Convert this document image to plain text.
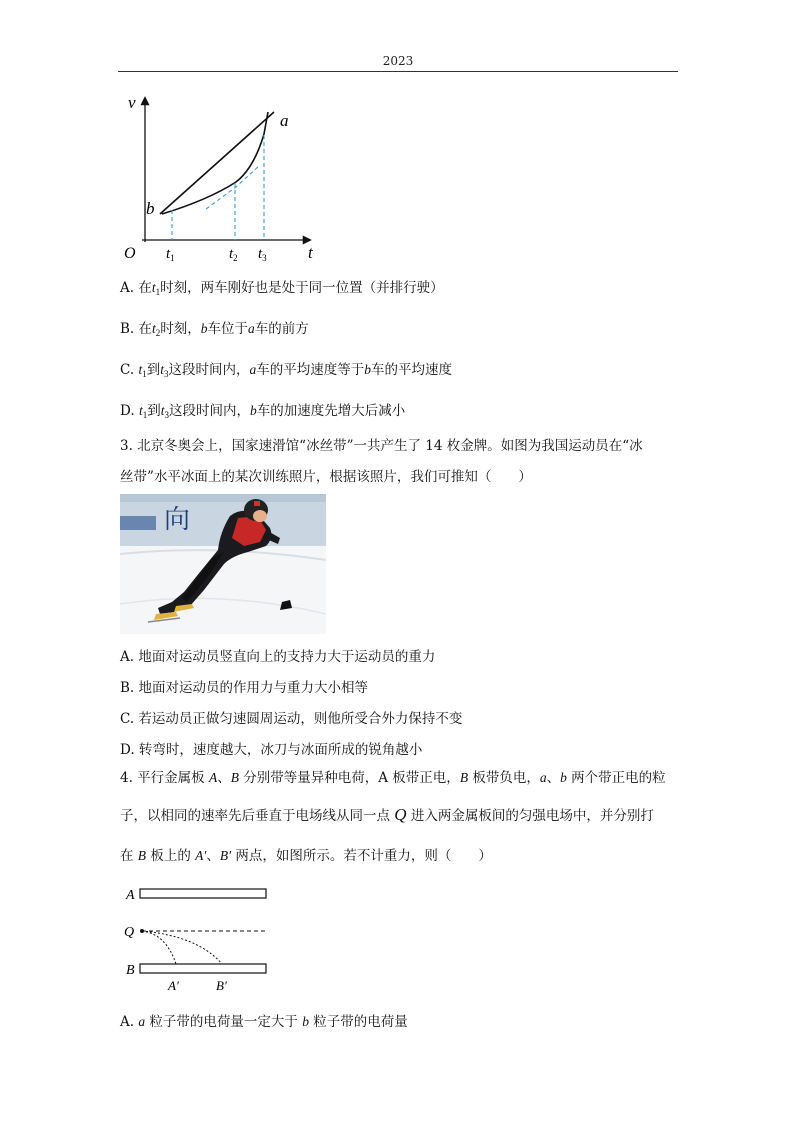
2023
v
t
O
a
b
$t_1$	$t_2$ $t_3$
A. 在$t_1$时刻，两车刚好也是处于同一位置（并排行驶）
B. 在$t_2$时刻，b车位于a车的前方
C. $t_1$到$t_3$这段时间内，a车的平均速度等于b车的平均速度
D. $t_1$到$t_3$这段时间内，b车的加速度先增大后减小
3. 北京冬奥会上，国家速滑馆“冰丝带”一共产生了 14 枚金牌。如图为我国运动员在“冰
丝带”水平冰面上的某次训练照片，根据该照片，我们可推知（　　）
向
A. 地面对运动员竖直向上的支持力大于运动员的重力
B. 地面对运动员的作用力与重力大小相等
C. 若运动员正做匀速圆周运动，则他所受合外力保持不变
D. 转弯时，速度越大，冰刀与冰面所成的锐角越小
4. 平行金属板 A、B 分别带等量异种电荷，A 板带正电，B 板带负电，a、b 两个带正电的粒
子，以相同的速率先后垂直于电场线从同一点 Q 进入两金属板间的匀强电场中，并分别打
在 B 板上的 A′、B′ 两点，如图所示。若不计重力，则（　　）
A
Q
B
A′	B′
A. a 粒子带的电荷量一定大于 b 粒子带的电荷量
